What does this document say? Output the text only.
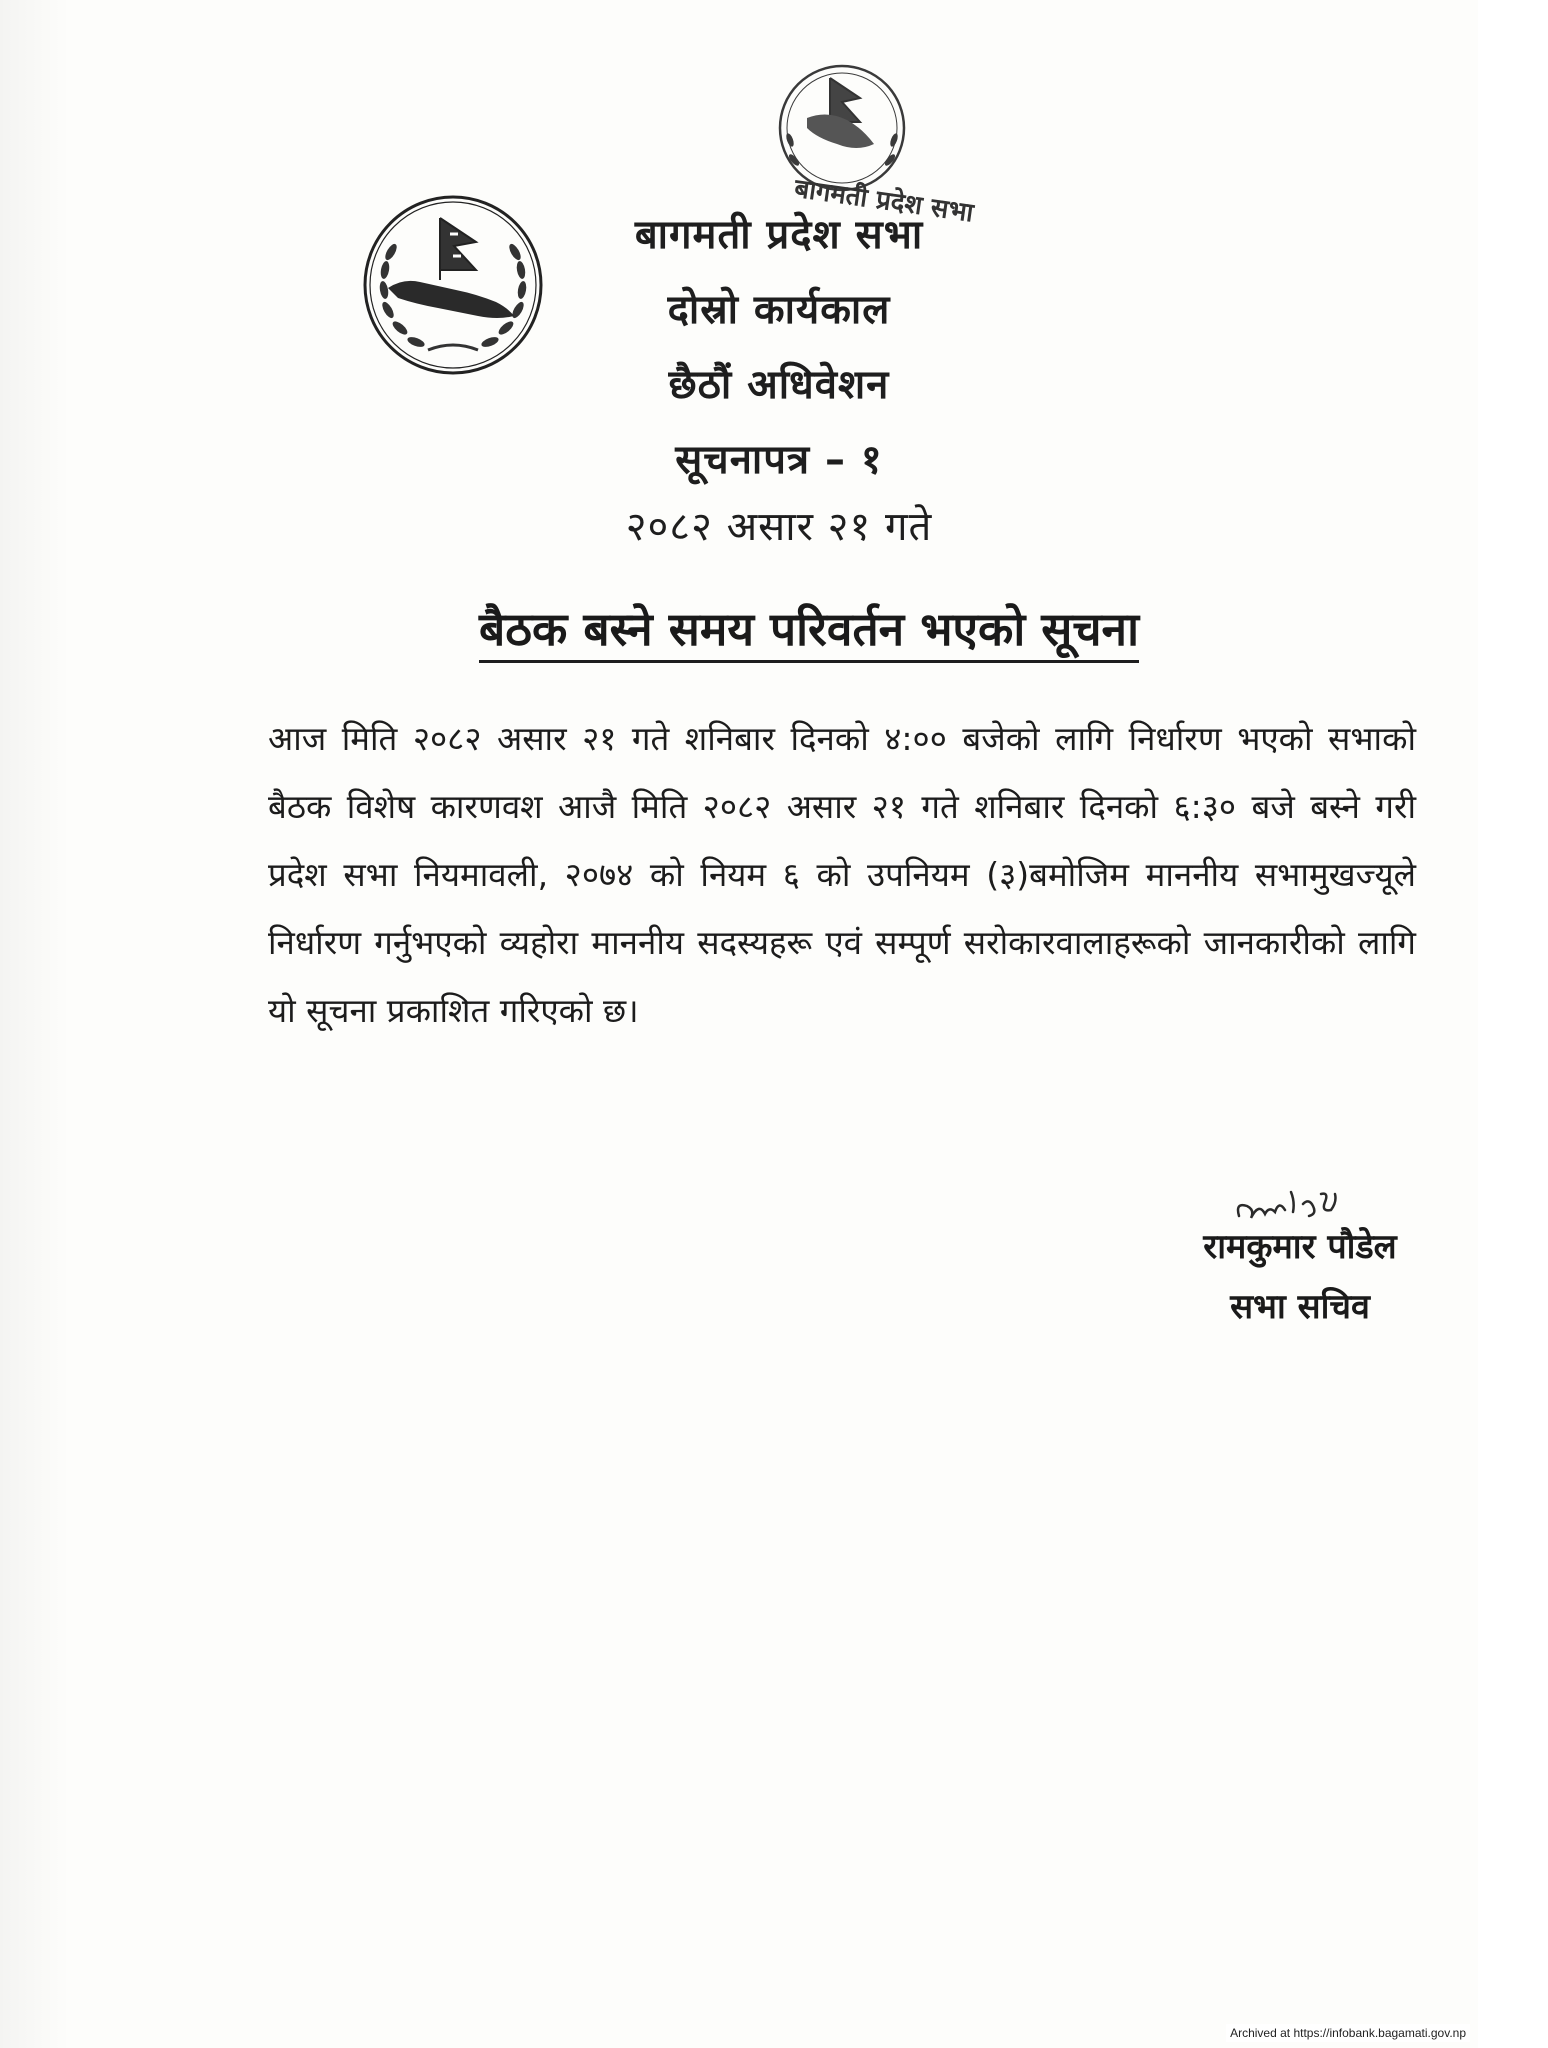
बागमती प्रदेश सभा
बागमती प्रदेश सभा
दोस्रो कार्यकाल
छैठौं अधिवेशन
सूचनापत्र – १
२०८२ असार २१ गते
बैठक बस्ने समय परिवर्तन भएको सूचना
आज मिति २०८२ असार २१ गते शनिबार दिनको ४:०० बजेको लागि निर्धारण भएको सभाको बैठक विशेष कारणवश आजै मिति २०८२ असार २१ गते शनिबार दिनको ६:३० बजे बस्ने गरी प्रदेश सभा नियमावली, २०७४ को नियम ६ को उपनियम (३)बमोजिम माननीय सभामुखज्यूले निर्धारण गर्नुभएको व्यहोरा माननीय सदस्यहरू एवं सम्पूर्ण सरोकारवालाहरूको जानकारीको लागि यो सूचना प्रकाशित गरिएको छ।
रामकुमार पौडेल
सभा सचिव
Archived at https://infobank.bagamati.gov.np
